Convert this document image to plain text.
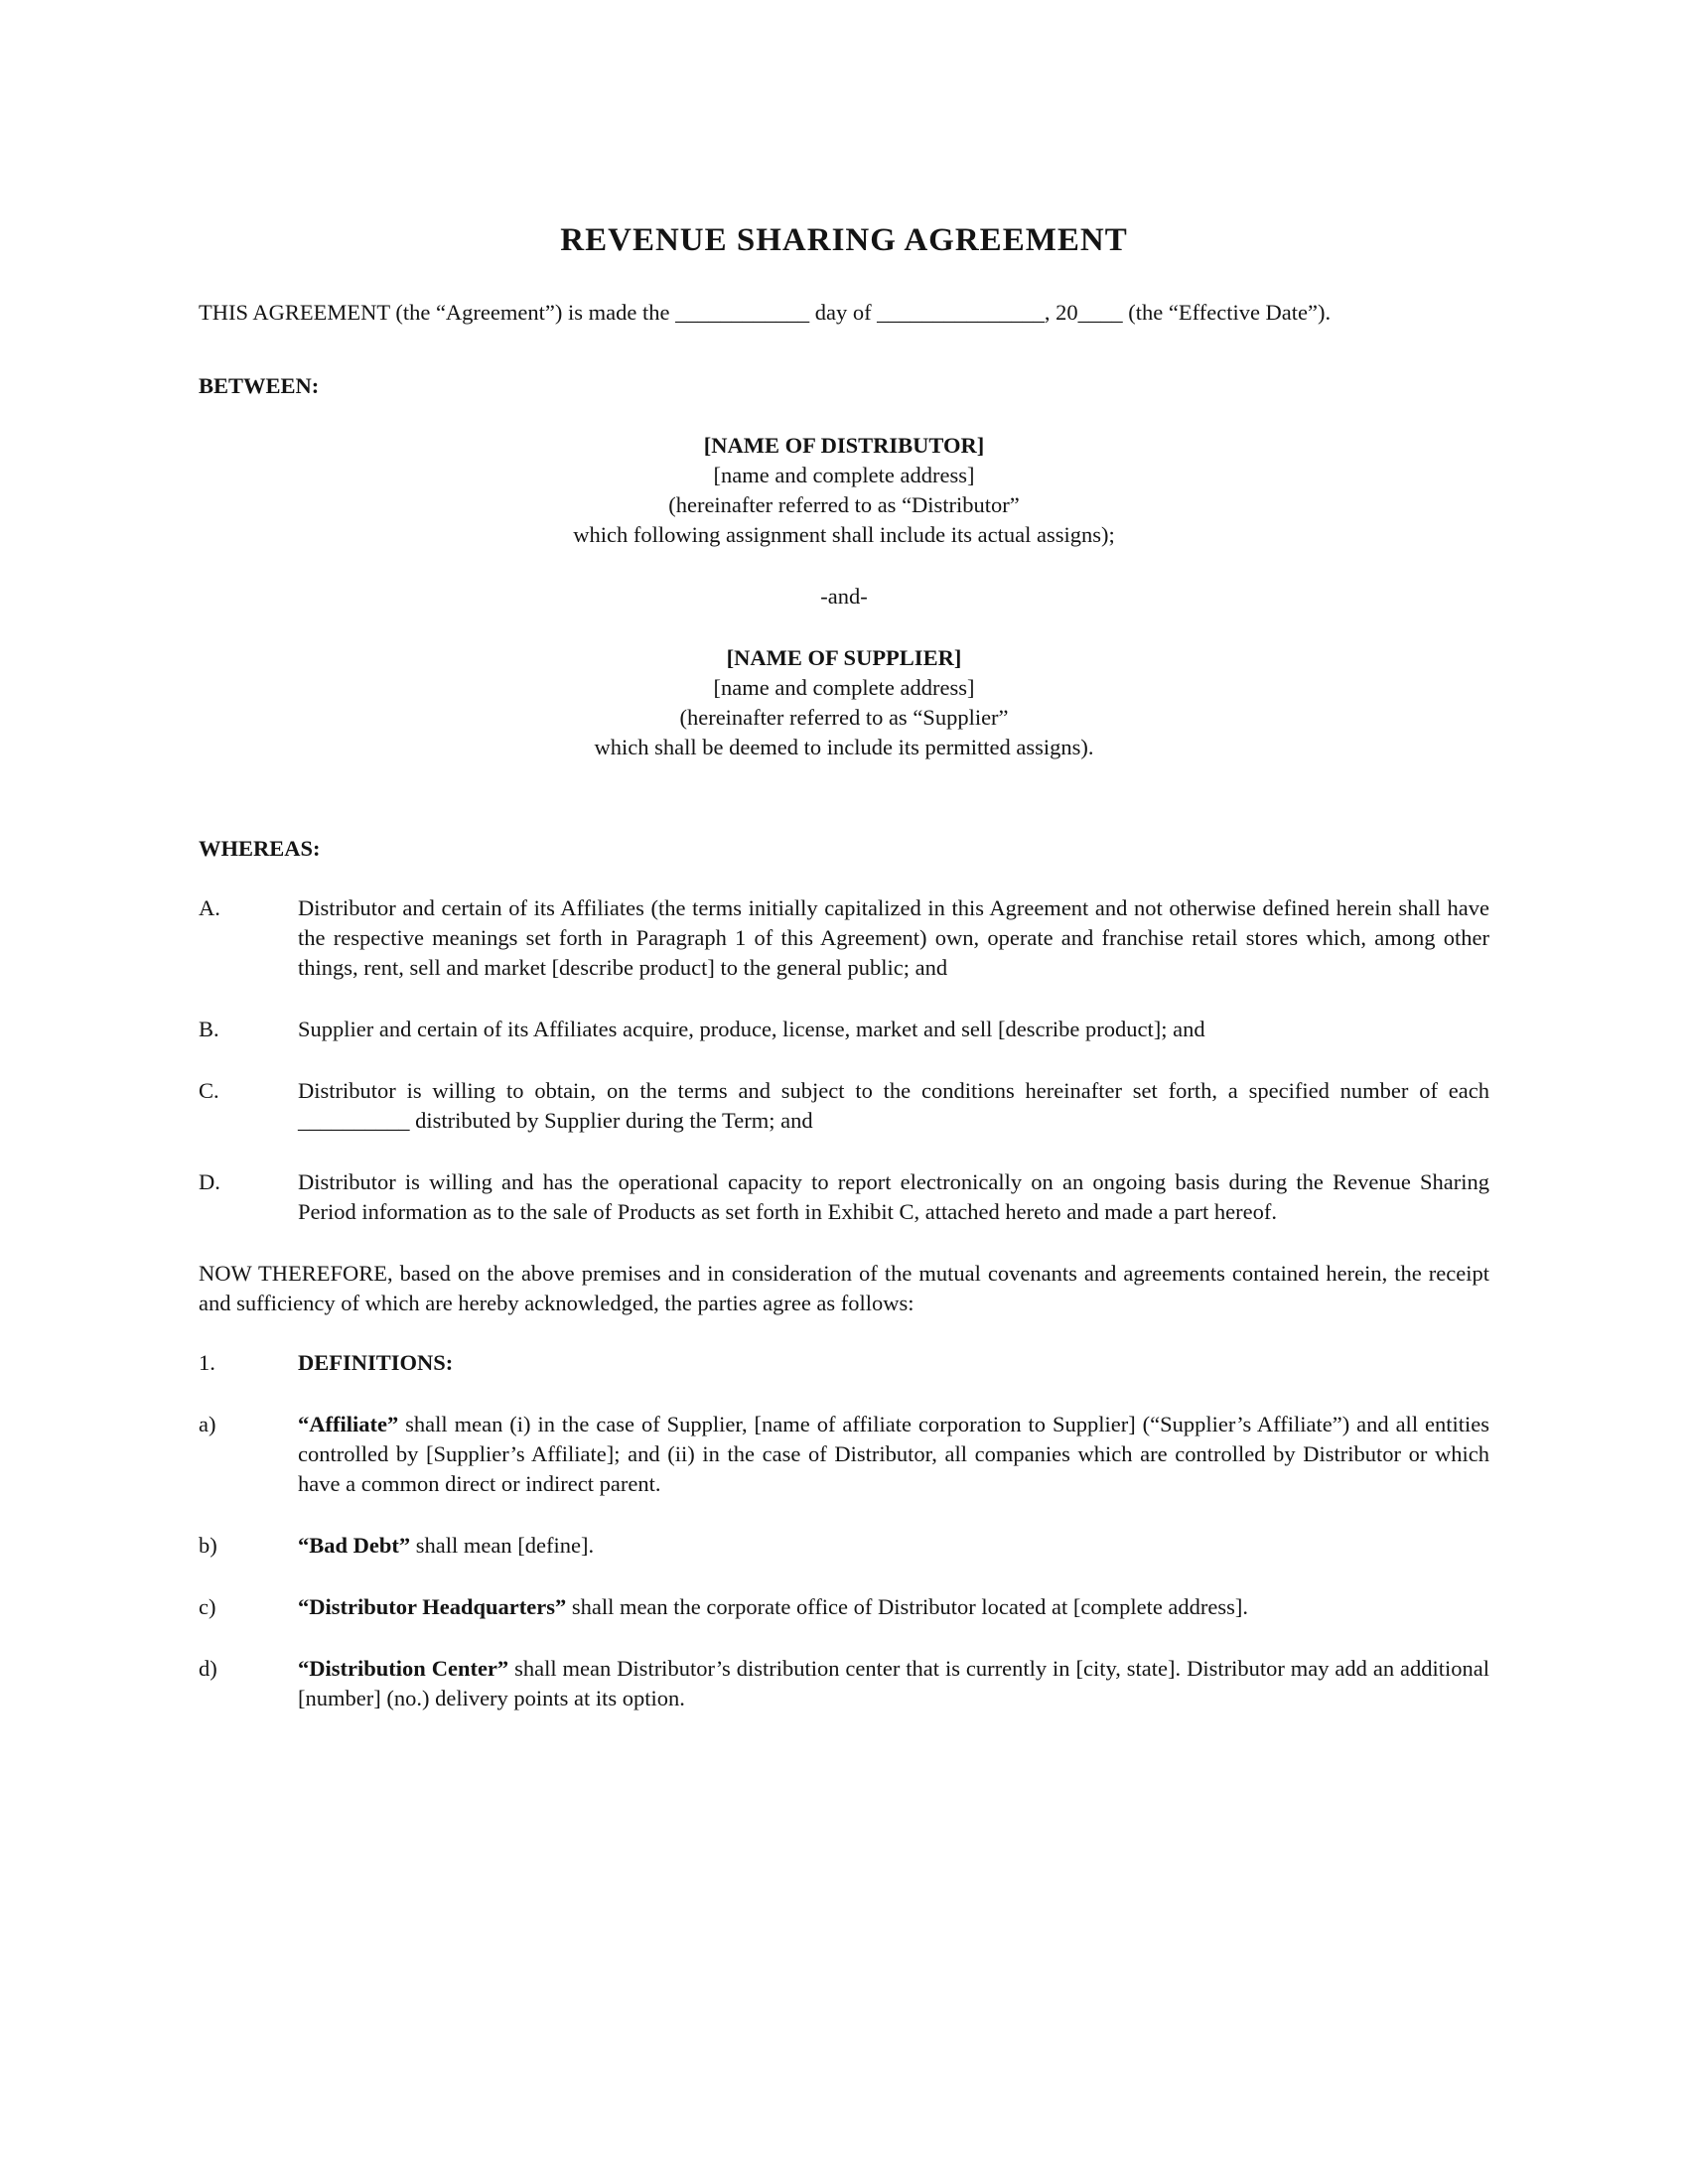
REVENUE SHARING AGREEMENT
THIS AGREEMENT (the “Agreement”) is made the ____________ day of _______________, 20____ (the “Effective Date”).
BETWEEN:
[NAME OF DISTRIBUTOR]
[name and complete address]
(hereinafter referred to as “Distributor”
which following assignment shall include its actual assigns);
-and-
[NAME OF SUPPLIER]
[name and complete address]
(hereinafter referred to as “Supplier”
which shall be deemed to include its permitted assigns).
WHEREAS:
A.	Distributor and certain of its Affiliates (the terms initially capitalized in this Agreement and not otherwise defined herein shall have the respective meanings set forth in Paragraph 1 of this Agreement) own, operate and franchise retail stores which, among other things, rent, sell and market [describe product] to the general public; and
B.	Supplier and certain of its Affiliates acquire, produce, license, market and sell [describe product]; and
C.	Distributor is willing to obtain, on the terms and subject to the conditions hereinafter set forth, a specified number of each __________ distributed by Supplier during the Term; and
D.	Distributor is willing and has the operational capacity to report electronically on an ongoing basis during the Revenue Sharing Period information as to the sale of Products as set forth in Exhibit C, attached hereto and made a part hereof.
NOW THEREFORE, based on the above premises and in consideration of the mutual covenants and agreements contained herein, the receipt and sufficiency of which are hereby acknowledged, the parties agree as follows:
1.	DEFINITIONS:
a)	“Affiliate” shall mean (i) in the case of Supplier, [name of affiliate corporation to Supplier] (“Supplier’s Affiliate”) and all entities controlled by [Supplier’s Affiliate]; and (ii) in the case of Distributor, all companies which are controlled by Distributor or which have a common direct or indirect parent.
b)	“Bad Debt” shall mean [define].
c)	“Distributor Headquarters” shall mean the corporate office of Distributor located at [complete address].
d)	“Distribution Center” shall mean Distributor’s distribution center that is currently in [city, state]. Distributor may add an additional [number] (no.) delivery points at its option.
